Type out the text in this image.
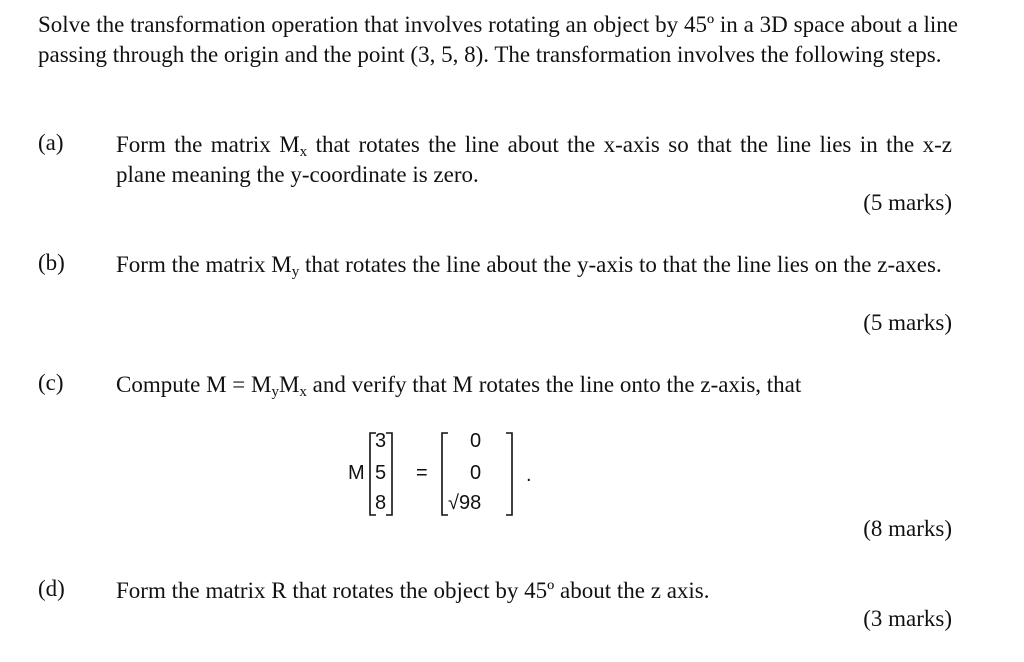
Solve the transformation operation that involves rotating an object by 45º in a 3D space about a line passing through the origin and the point (3, 5, 8). The transformation involves the following steps.
(a) Form the matrix $M_x$ that rotates the line about the x-axis so that the line lies in the x-z plane meaning the y-coordinate is zero.
(5 marks)
(b) Form the matrix $M_y$ that rotates the line about the y-axis to that the line lies on the z-axes.
(5 marks)
(c) Compute $M = M_yM_x$ and verify that M rotates the line onto the z-axis, that
M
3
5
8
=
0
0
√98
.
(8 marks)
(d) Form the matrix R that rotates the object by 45º about the z axis.
(3 marks)
